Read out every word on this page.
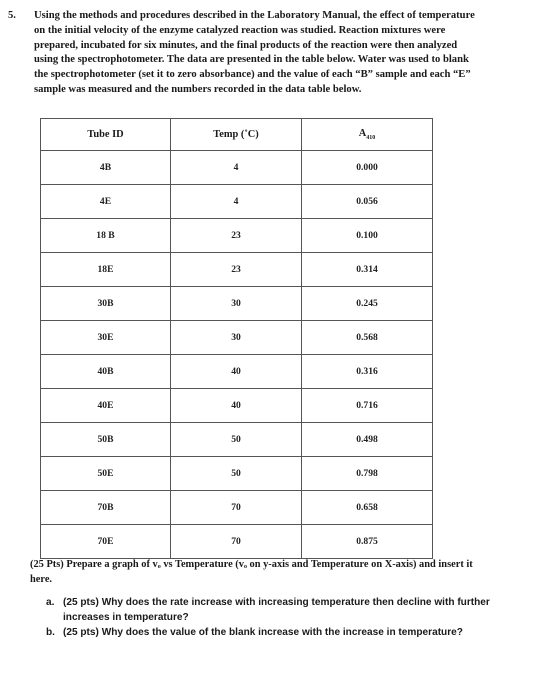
5. Using the methods and procedures described in the Laboratory Manual, the effect of temperature
on the initial velocity of the enzyme catalyzed reaction was studied. Reaction mixtures were
prepared, incubated for six minutes, and the final products of the reaction were then analyzed
using the spectrophotometer. The data are presented in the table below. Water was used to blank
the spectrophotometer (set it to zero absorbance) and the value of each “B” sample and each “E”
sample was measured and the numbers recorded in the data table below.
Tube ID	Temp (˚C)	$A_{410}$
4B	4	0.000
4E	4	0.056
18 B	23	0.100
18E	23	0.314
30B	30	0.245
30E	30	0.568
40B	40	0.316
40E	40	0.716
50B	50	0.498
50E	50	0.798
70B	70	0.658
70E	70	0.875
(25 Pts) Prepare a graph of vₒ vs Temperature (vₒ on y-axis and Temperature on X-axis) and insert it
here.
a. (25 pts) Why does the rate increase with increasing temperature then decline with further
increases in temperature?
b. (25 pts) Why does the value of the blank increase with the increase in temperature?
